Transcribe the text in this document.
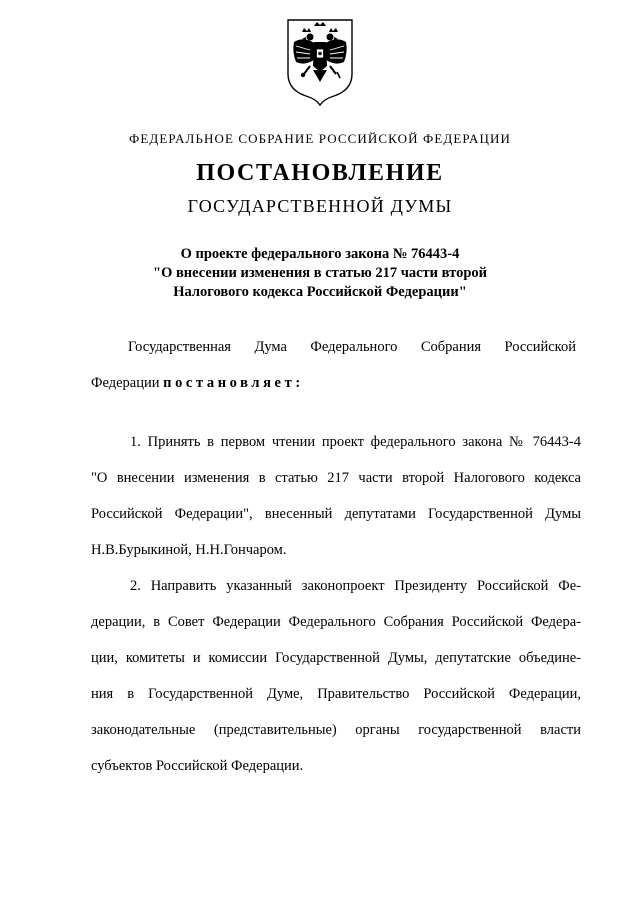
ФЕДЕРАЛЬНОЕ СОБРАНИЕ РОССИЙСКОЙ ФЕДЕРАЦИИ
ПОСТАНОВЛЕНИЕ
ГОСУДАРСТВЕННОЙ ДУМЫ
О проекте федерального закона № 76443-4
"О внесении изменения в статью 217 части второй
Налогового кодекса Российской Федерации"
Государственная Дума Федерального Собрания Российской
Федерации постановляет:
1. Принять в первом чтении проект федерального закона № 76443-4
"О внесении изменения в статью 217 части второй Налогового кодекса
Российской Федерации", внесенный депутатами Государственной Думы
Н.В.Бурыкиной, Н.Н.Гончаром.
2. Направить указанный законопроект Президенту Российской Фе-
дерации, в Совет Федерации Федерального Собрания Российской Федера-
ции, комитеты и комиссии Государственной Думы, депутатские объедине-
ния в Государственной Думе, Правительство Российской Федерации,
законодательные (представительные) органы государственной власти
субъектов Российской Федерации.
